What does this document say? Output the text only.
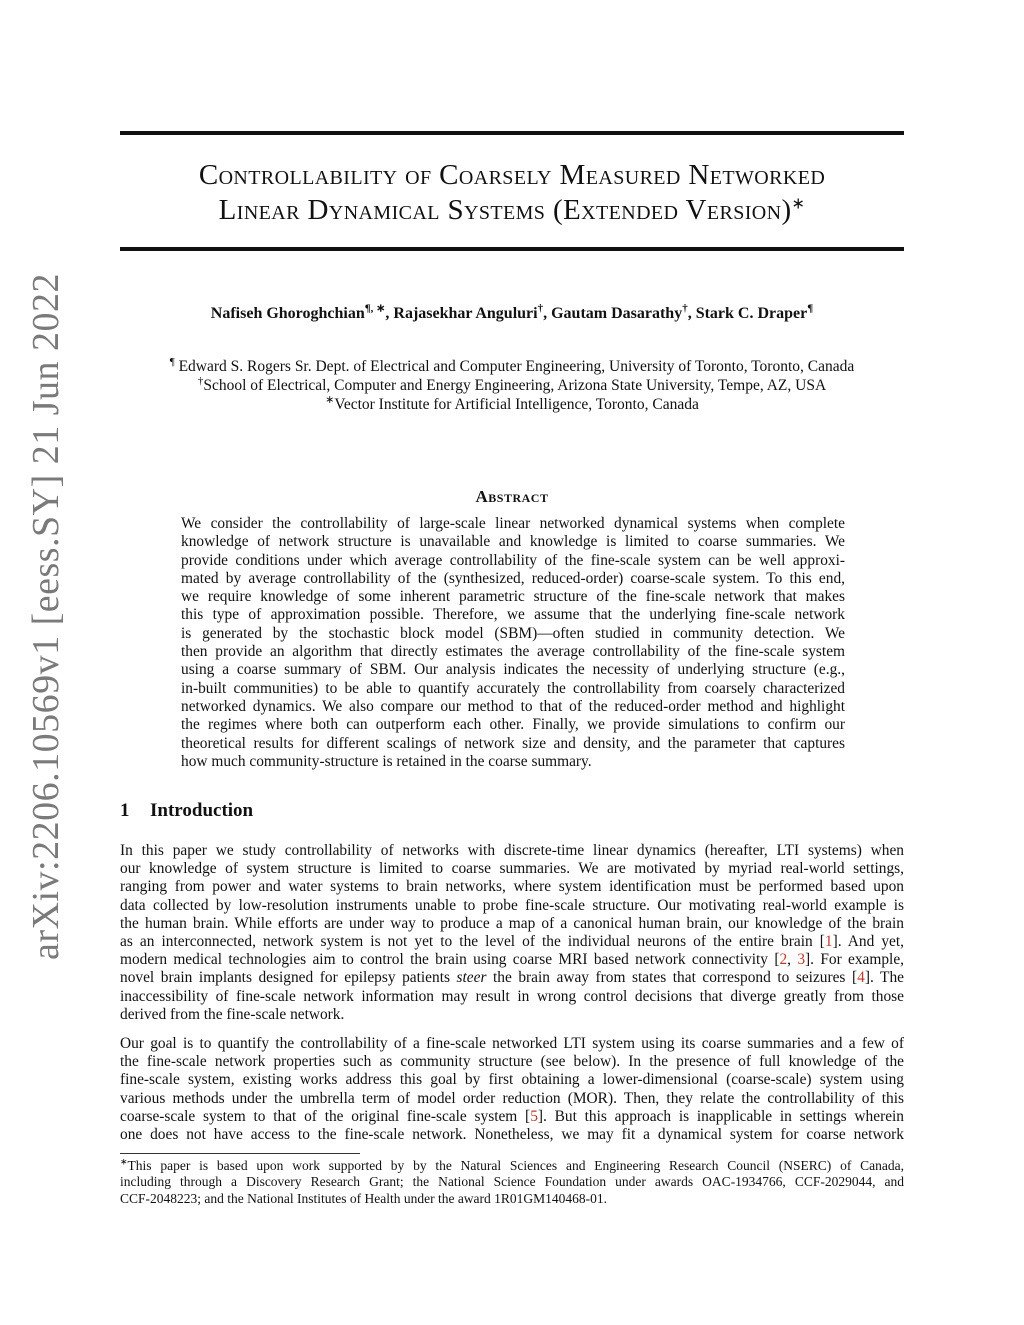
arXiv:2206.10569v1 [eess.SY] 21 Jun 2022
Controllability of Coarsely Measured Networked
Linear Dynamical Systems (Extended Version)∗
Nafiseh Ghoroghchian¶, ∗, Rajasekhar Anguluri†, Gautam Dasarathy†, Stark C. Draper¶
¶ Edward S. Rogers Sr. Dept. of Electrical and Computer Engineering, University of Toronto, Toronto, Canada
†School of Electrical, Computer and Energy Engineering, Arizona State University, Tempe, AZ, USA
∗Vector Institute for Artificial Intelligence, Toronto, Canada
Abstract
We consider the controllability of large-scale linear networked dynamical systems when complete
knowledge of network structure is unavailable and knowledge is limited to coarse summaries. We
provide conditions under which average controllability of the fine-scale system can be well approxi-
mated by average controllability of the (synthesized, reduced-order) coarse-scale system. To this end,
we require knowledge of some inherent parametric structure of the fine-scale network that makes
this type of approximation possible. Therefore, we assume that the underlying fine-scale network
is generated by the stochastic block model (SBM)—often studied in community detection. We
then provide an algorithm that directly estimates the average controllability of the fine-scale system
using a coarse summary of SBM. Our analysis indicates the necessity of underlying structure (e.g.,
in-built communities) to be able to quantify accurately the controllability from coarsely characterized
networked dynamics. We also compare our method to that of the reduced-order method and highlight
the regimes where both can outperform each other. Finally, we provide simulations to confirm our
theoretical results for different scalings of network size and density, and the parameter that captures
how much community-structure is retained in the coarse summary.
1 Introduction
In this paper we study controllability of networks with discrete-time linear dynamics (hereafter, LTI systems) when
our knowledge of system structure is limited to coarse summaries. We are motivated by myriad real-world settings,
ranging from power and water systems to brain networks, where system identification must be performed based upon
data collected by low-resolution instruments unable to probe fine-scale structure. Our motivating real-world example is
the human brain. While efforts are under way to produce a map of a canonical human brain, our knowledge of the brain
as an interconnected, network system is not yet to the level of the individual neurons of the entire brain [1]. And yet,
modern medical technologies aim to control the brain using coarse MRI based network connectivity [2, 3]. For example,
novel brain implants designed for epilepsy patients steer the brain away from states that correspond to seizures [4]. The
inaccessibility of fine-scale network information may result in wrong control decisions that diverge greatly from those
derived from the fine-scale network.
Our goal is to quantify the controllability of a fine-scale networked LTI system using its coarse summaries and a few of
the fine-scale network properties such as community structure (see below). In the presence of full knowledge of the
fine-scale system, existing works address this goal by first obtaining a lower-dimensional (coarse-scale) system using
various methods under the umbrella term of model order reduction (MOR). Then, they relate the controllability of this
coarse-scale system to that of the original fine-scale system [5]. But this approach is inapplicable in settings wherein
one does not have access to the fine-scale network. Nonetheless, we may fit a dynamical system for coarse network
∗This paper is based upon work supported by by the Natural Sciences and Engineering Research Council (NSERC) of Canada,
including through a Discovery Research Grant; the National Science Foundation under awards OAC-1934766, CCF-2029044, and
CCF-2048223; and the National Institutes of Health under the award 1R01GM140468-01.
